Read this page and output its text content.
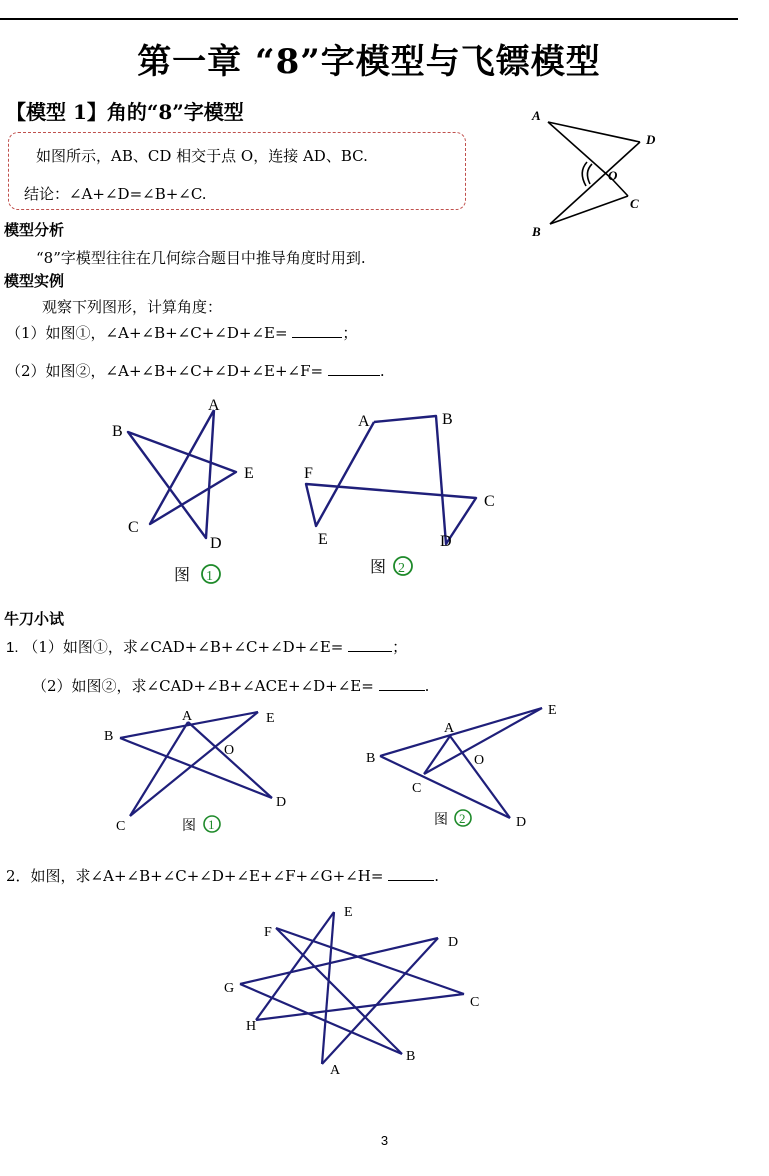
第一章 “8”字模型与飞镖模型
【模型 1】角的“8”字模型
如图所示，AB、CD 相交于点 O，连接 AD、BC.
结论：∠A+∠D=∠B+∠C.
A
D
O
C
B
模型分析
“8”字模型往往在几何综合题目中推导角度时用到.
模型实例
观察下列图形，计算角度：
（1）如图①，∠A+∠B+∠C+∠D+∠E=	；
（2）如图②，∠A+∠B+∠C+∠D+∠E+∠F=	.
A
B
E
C
D
图 1
A	B
F
C
E	D
图 2
牛刀小试
1. （1）如图①，求∠CAD+∠B+∠C+∠D+∠E=	；
（2）如图②，求∠CAD+∠B+∠ACE+∠D+∠E=	.
A	E
B
O
D
C	图 1
A
E
B	O
C
D
图 2
2．如图，求∠A+∠B+∠C+∠D+∠E+∠F+∠G+∠H=	.
E
F
D
G
C
H
B
A
3
